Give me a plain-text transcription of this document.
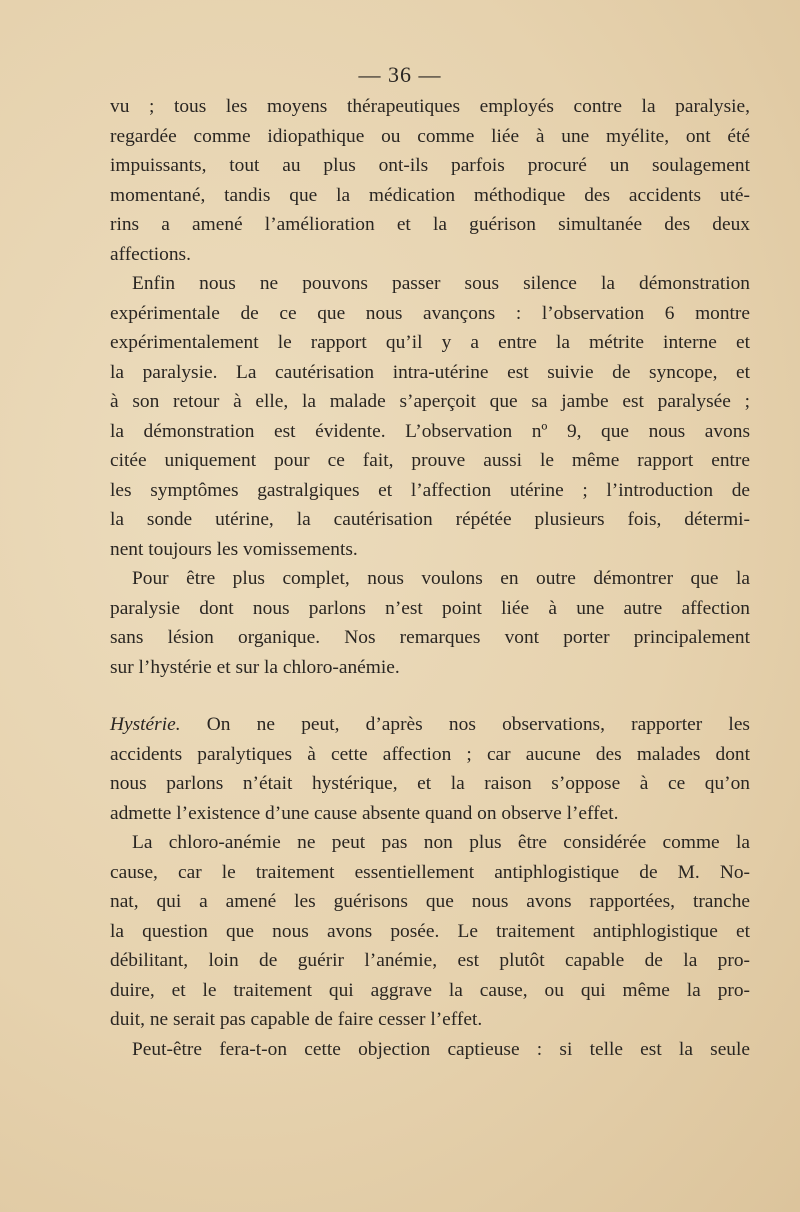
— 36 —
vu ; tous les moyens thérapeutiques employés contre la paralysie,
regardée comme idiopathique ou comme liée à une myélite, ont été
impuissants, tout au plus ont-ils parfois procuré un soulagement
momentané, tandis que la médication méthodique des accidents uté-
rins a amené l’amélioration et la guérison simultanée des deux
affections.
Enfin nous ne pouvons passer sous silence la démonstration
expérimentale de ce que nous avançons : l’observation 6 montre
expérimentalement le rapport qu’il y a entre la métrite interne et
la paralysie. La cautérisation intra-utérine est suivie de syncope, et
à son retour à elle, la malade s’aperçoit que sa jambe est paralysée ;
la démonstration est évidente. L’observation nº 9, que nous avons
citée uniquement pour ce fait, prouve aussi le même rapport entre
les symptômes gastralgiques et l’affection utérine ; l’introduction de
la sonde utérine, la cautérisation répétée plusieurs fois, détermi-
nent toujours les vomissements.
Pour être plus complet, nous voulons en outre démontrer que la
paralysie dont nous parlons n’est point liée à une autre affection
sans lésion organique. Nos remarques vont porter principalement
sur l’hystérie et sur la chloro-anémie.
Hystérie. On ne peut, d’après nos observations, rapporter les
accidents paralytiques à cette affection ; car aucune des malades dont
nous parlons n’était hystérique, et la raison s’oppose à ce qu’on
admette l’existence d’une cause absente quand on observe l’effet.
La chloro-anémie ne peut pas non plus être considérée comme la
cause, car le traitement essentiellement antiphlogistique de M. No-
nat, qui a amené les guérisons que nous avons rapportées, tranche
la question que nous avons posée. Le traitement antiphlogistique et
débilitant, loin de guérir l’anémie, est plutôt capable de la pro-
duire, et le traitement qui aggrave la cause, ou qui même la pro-
duit, ne serait pas capable de faire cesser l’effet.
Peut-être fera-t-on cette objection captieuse : si telle est la seule
